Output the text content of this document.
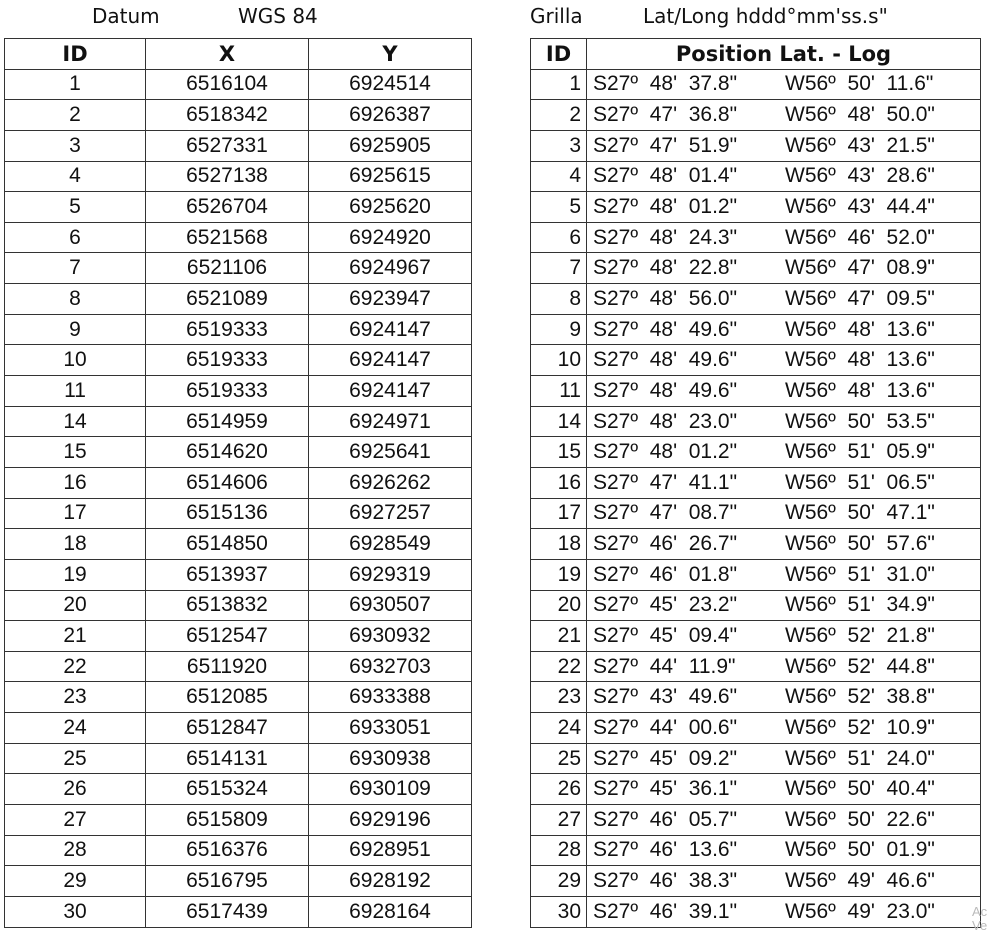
Datum	WGS 84	Grilla	Lat/Long hddd°mm'ss.s"
ID	X	Y
1	6516104	6924514
2	6518342	6926387
3	6527331	6925905
4	6527138	6925615
5	6526704	6925620
6	6521568	6924920
7	6521106	6924967
8	6521089	6923947
9	6519333	6924147
10	6519333	6924147
11	6519333	6924147
14	6514959	6924971
15	6514620	6925641
16	6514606	6926262
17	6515136	6927257
18	6514850	6928549
19	6513937	6929319
20	6513832	6930507
21	6512547	6930932
22	6511920	6932703
23	6512085	6933388
24	6512847	6933051
25	6514131	6930938
26	6515324	6930109
27	6515809	6929196
28	6516376	6928951
29	6516795	6928192
30	6517439	6928164
ID	Position Lat. - Log
1	S27º  48'  37.8" W56º  50'  11.6"
2	S27º  47'  36.8" W56º  48'  50.0"
3	S27º  47'  51.9" W56º  43'  21.5"
4	S27º  48'  01.4" W56º  43'  28.6"
5	S27º  48'  01.2" W56º  43'  44.4"
6	S27º  48'  24.3" W56º  46'  52.0"
7	S27º  48'  22.8" W56º  47'  08.9"
8	S27º  48'  56.0" W56º  47'  09.5"
9	S27º  48'  49.6" W56º  48'  13.6"
10	S27º  48'  49.6" W56º  48'  13.6"
11	S27º  48'  49.6" W56º  48'  13.6"
14	S27º  48'  23.0" W56º  50'  53.5"
15	S27º  48'  01.2" W56º  51'  05.9"
16	S27º  47'  41.1" W56º  51'  06.5"
17	S27º  47'  08.7" W56º  50'  47.1"
18	S27º  46'  26.7" W56º  50'  57.6"
19	S27º  46'  01.8" W56º  51'  31.0"
20	S27º  45'  23.2" W56º  51'  34.9"
21	S27º  45'  09.4" W56º  52'  21.8"
22	S27º  44'  11.9" W56º  52'  44.8"
23	S27º  43'  49.6" W56º  52'  38.8"
24	S27º  44'  00.6" W56º  52'  10.9"
25	S27º  45'  09.2" W56º  51'  24.0"
26	S27º  45'  36.1" W56º  50'  40.4"
27	S27º  46'  05.7" W56º  50'  22.6"
28	S27º  46'  13.6" W56º  50'  01.9"
29	S27º  46'  38.3" W56º  49'  46.6"
30	S27º  46'  39.1" W56º  49'  23.0"	Ac
Ve
